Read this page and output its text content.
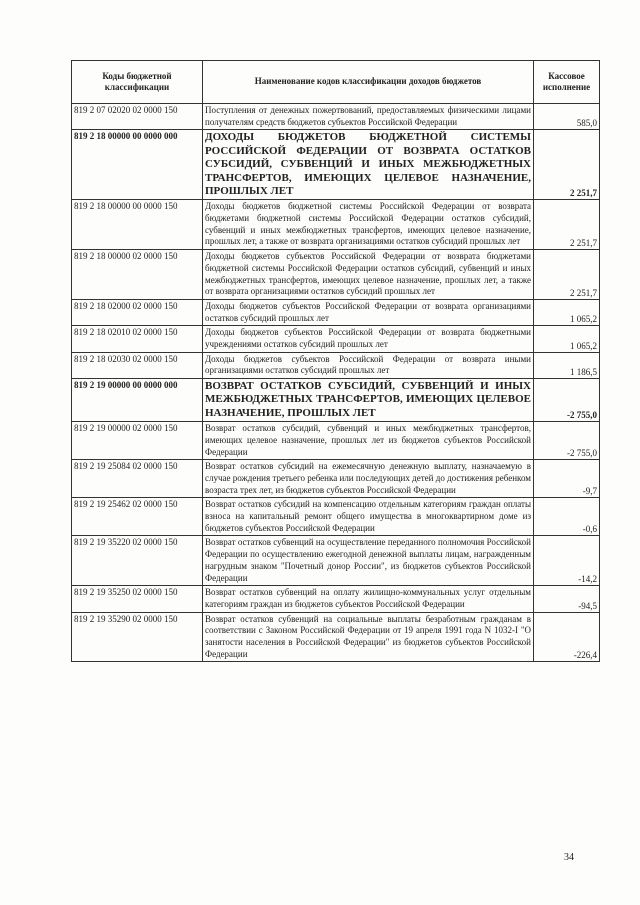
Коды бюджетной классификации	Наименование кодов классификации доходов бюджетов	Кассовое исполнение
819 2 07 02020 02 0000 150	Поступления от денежных пожертвований, предоставляемых физическими лицами получателям средств бюджетов субъектов Российской Федерации	585,0
819 2 18 00000 00 0000 000	ДОХОДЫ БЮДЖЕТОВ БЮДЖЕТНОЙ СИСТЕМЫ РОССИЙСКОЙ ФЕДЕРАЦИИ ОТ ВОЗВРАТА ОСТАТКОВ СУБСИДИЙ, СУБВЕНЦИЙ И ИНЫХ МЕЖБЮДЖЕТНЫХ ТРАНСФЕРТОВ, ИМЕЮЩИХ ЦЕЛЕВОЕ НАЗНАЧЕНИЕ, ПРОШЛЫХ ЛЕТ	2 251,7
819 2 18 00000 00 0000 150	Доходы бюджетов бюджетной системы Российской Федерации от возврата бюджетами бюджетной системы Российской Федерации остатков субсидий, субвенций и иных межбюджетных трансфертов, имеющих целевое назначение, прошлых лет, а также от возврата организациями остатков субсидий прошлых лет	2 251,7
819 2 18 00000 02 0000 150	Доходы бюджетов субъектов Российской Федерации от возврата бюджетами бюджетной системы Российской Федерации остатков субсидий, субвенций и иных межбюджетных трансфертов, имеющих целевое назначение, прошлых лет, а также от возврата организациями остатков субсидий прошлых лет	2 251,7
819 2 18 02000 02 0000 150	Доходы бюджетов субъектов Российской Федерации от возврата организациями остатков субсидий прошлых лет	1 065,2
819 2 18 02010 02 0000 150	Доходы бюджетов субъектов Российской Федерации от возврата бюджетными учреждениями остатков субсидий прошлых лет	1 065,2
819 2 18 02030 02 0000 150	Доходы бюджетов субъектов Российской Федерации от возврата иными организациями остатков субсидий прошлых лет	1 186,5
819 2 19 00000 00 0000 000	ВОЗВРАТ ОСТАТКОВ СУБСИДИЙ, СУБВЕНЦИЙ И ИНЫХ МЕЖБЮДЖЕТНЫХ ТРАНСФЕРТОВ, ИМЕЮЩИХ ЦЕЛЕВОЕ НАЗНАЧЕНИЕ, ПРОШЛЫХ ЛЕТ	-2 755,0
819 2 19 00000 02 0000 150	Возврат остатков субсидий, субвенций и иных межбюджетных трансфертов, имеющих целевое назначение, прошлых лет из бюджетов субъектов Российской Федерации	-2 755,0
819 2 19 25084 02 0000 150	Возврат остатков субсидий на ежемесячную денежную выплату, назначаемую в случае рождения третьего ребенка или последующих детей до достижения ребенком возраста трех лет, из бюджетов субъектов Российской Федерации	-9,7
819 2 19 25462 02 0000 150	Возврат остатков субсидий на компенсацию отдельным категориям граждан оплаты взноса на капитальный ремонт общего имущества в многоквартирном доме из бюджетов субъектов Российской Федерации	-0,6
819 2 19 35220 02 0000 150	Возврат остатков субвенций на осуществление переданного полномочия Российской Федерации по осуществлению ежегодной денежной выплаты лицам, награжденным нагрудным знаком "Почетный донор России", из бюджетов субъектов Российской Федерации	-14,2
819 2 19 35250 02 0000 150	Возврат остатков субвенций на оплату жилищно-коммунальных услуг отдельным категориям граждан из бюджетов субъектов Российской Федерации	-94,5
819 2 19 35290 02 0000 150	Возврат остатков субвенций на социальные выплаты безработным гражданам в соответствии с Законом Российской Федерации от 19 апреля 1991 года N 1032-I "О занятости населения в Российской Федерации" из бюджетов субъектов Российской Федерации	-226,4
34
